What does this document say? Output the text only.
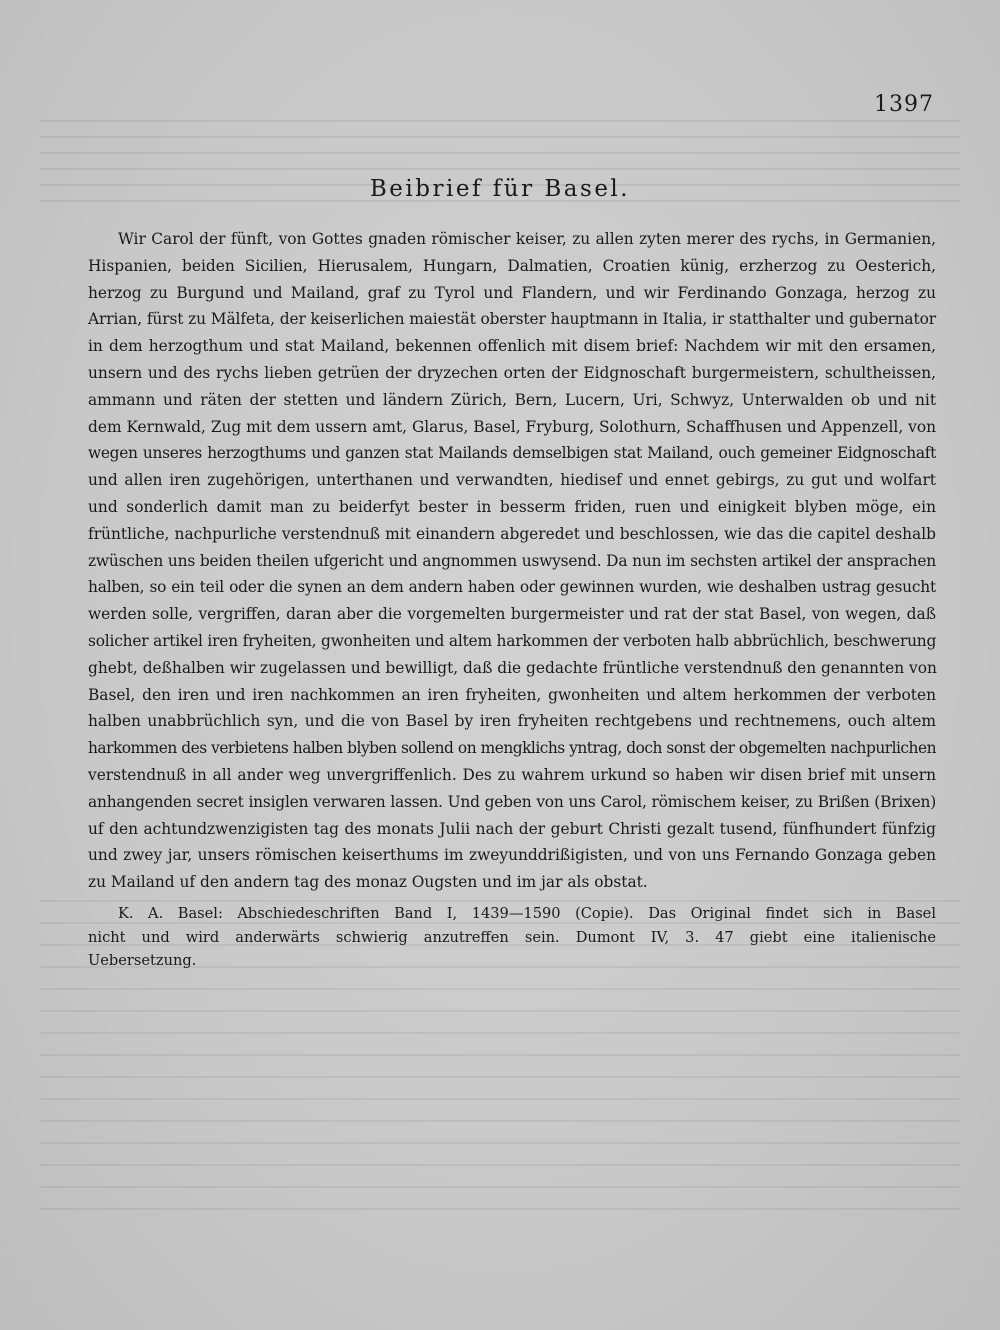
1397
Beibrief für Basel.
Wir Carol der fünft, von Gottes gnaden römischer keiser, zu allen zyten merer des rychs, in Germanien,
Hispanien, beiden Sicilien, Hierusalem, Hungarn, Dalmatien, Croatien künig, erzherzog zu Oesterich,
herzog zu Burgund und Mailand, graf zu Tyrol und Flandern, und wir Ferdinando Gonzaga, herzog zu
Arrian, fürst zu Mälfeta, der keiserlichen maiestät oberster hauptmann in Italia, ir statthalter und gubernator
in dem herzogthum und stat Mailand, bekennen offenlich mit disem brief: Nachdem wir mit den ersamen,
unsern und des rychs lieben getrüen der dryzechen orten der Eidgnoschaft burgermeistern, schultheissen,
ammann und räten der stetten und ländern Zürich, Bern, Lucern, Uri, Schwyz, Unterwalden ob und nit
dem Kernwald, Zug mit dem ussern amt, Glarus, Basel, Fryburg, Solothurn, Schaffhusen und Appenzell, von
wegen unseres herzogthums und ganzen stat Mailands demselbigen stat Mailand, ouch gemeiner Eidgnoschaft
und allen iren zugehörigen, unterthanen und verwandten, hiedisef und ennet gebirgs, zu gut und wolfart
und sonderlich damit man zu beiderfyt bester in besserm friden, ruen und einigkeit blyben möge, ein
früntliche, nachpurliche verstendnuß mit einandern abgeredet und beschlossen, wie das die capitel deshalb
zwüschen uns beiden theilen ufgericht und angnommen uswysend. Da nun im sechsten artikel der ansprachen
halben, so ein teil oder die synen an dem andern haben oder gewinnen wurden, wie deshalben ustrag gesucht
werden solle, vergriffen, daran aber die vorgemelten burgermeister und rat der stat Basel, von wegen, daß
solicher artikel iren fryheiten, gwonheiten und altem harkommen der verboten halb abbrüchlich, beschwerung
ghebt, deßhalben wir zugelassen und bewilligt, daß die gedachte früntliche verstendnuß den genannten von
Basel, den iren und iren nachkommen an iren fryheiten, gwonheiten und altem herkommen der verboten
halben unabbrüchlich syn, und die von Basel by iren fryheiten rechtgebens und rechtnemens, ouch altem
harkommen des verbietens halben blyben sollend on mengklichs yntrag, doch sonst der obgemelten nachpurlichen
verstendnuß in all ander weg unvergriffenlich. Des zu wahrem urkund so haben wir disen brief mit unsern
anhangenden secret insiglen verwaren lassen. Und geben von uns Carol, römischem keiser, zu Brißen (Brixen)
uf den achtundzwenzigisten tag des monats Julii nach der geburt Christi gezalt tusend, fünfhundert fünfzig
und zwey jar, unsers römischen keiserthums im zweyunddrißigisten, und von uns Fernando Gonzaga geben
zu Mailand uf den andern tag des monaz Ougsten und im jar als obstat.
K. A. Basel: Abschiedeschriften Band I, 1439—1590 (Copie). Das Original findet sich in Basel
nicht und wird anderwärts schwierig anzutreffen sein. Dumont IV, 3. 47 giebt eine italienische
Uebersetzung.
